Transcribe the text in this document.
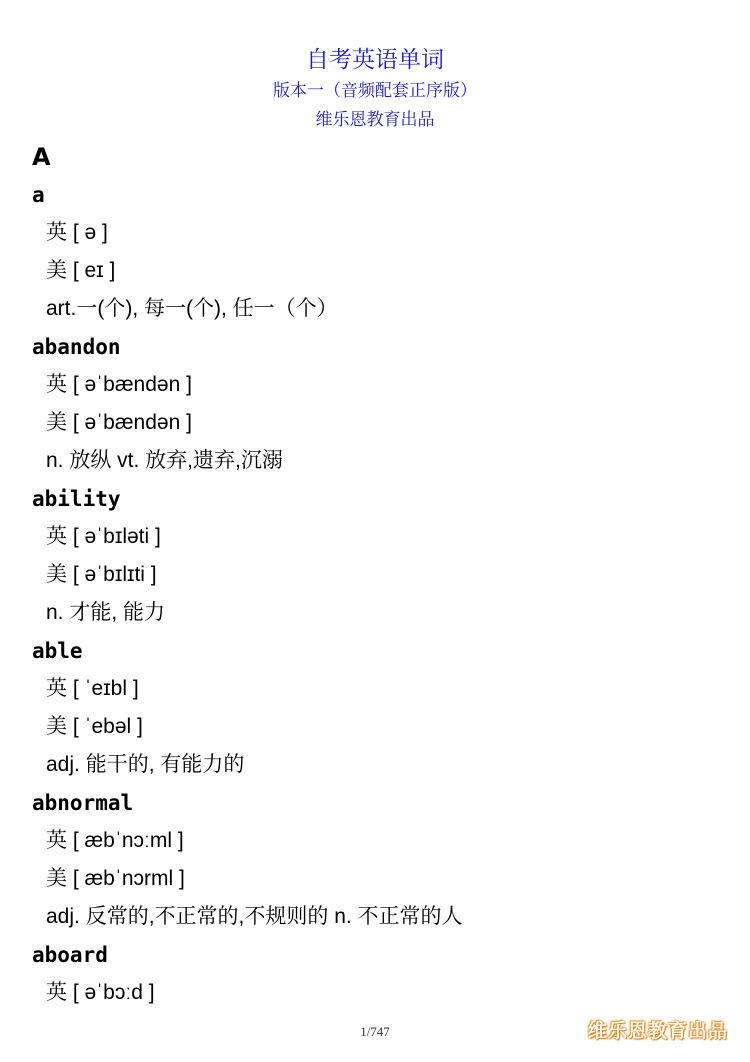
自考英语单词
版本一（音频配套正序版）
维乐恩教育出品
A
a
英 [ ə ]
美 [ eɪ ]
art.一(个), 每一(个), 任一（个）
abandon
英 [ əˈbændən ]
美 [ əˈbændən ]
n. 放纵 vt. 放弃,遗弃,沉溺
ability
英 [ əˈbɪləti ]
美 [ əˈbɪlɪti ]
n. 才能, 能力
able
英 [ ˈeɪbl ]
美 [ ˈebəl ]
adj. 能干的, 有能力的
abnormal
英 [ æbˈnɔːml ]
美 [ æbˈnɔrml ]
adj. 反常的,不正常的,不规则的 n. 不正常的人
aboard
英 [ əˈbɔːd ]
1/747	维乐恩教育出品
